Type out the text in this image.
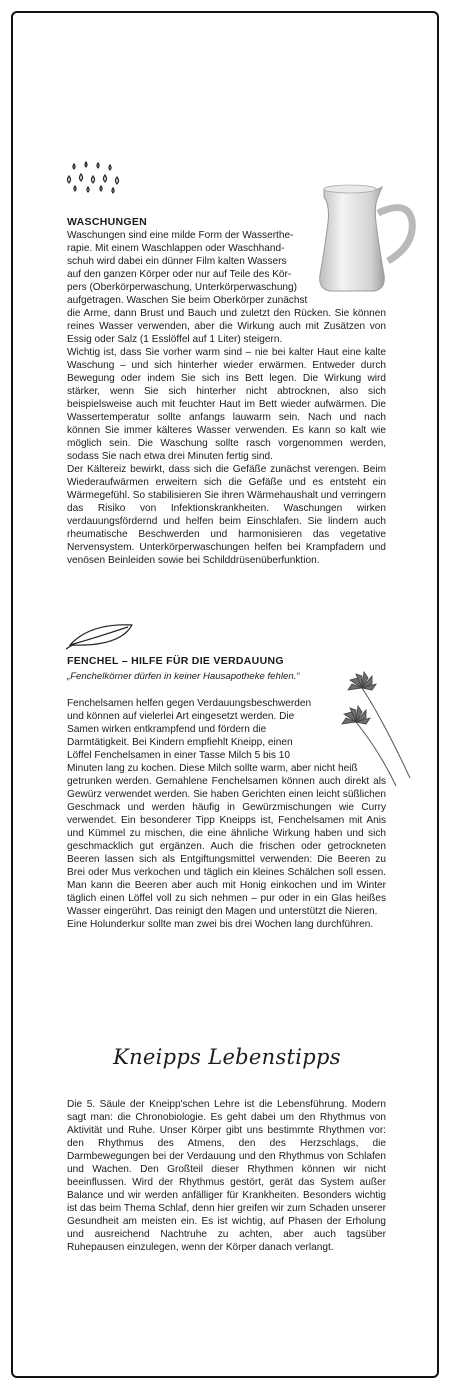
WASCHUNGEN
Waschungen sind eine milde Form der Wasserthe-
rapie. Mit einem Waschlappen oder Waschhand-
schuh wird dabei ein dünner Film kalten Wassers
auf den ganzen Körper oder nur auf Teile des Kör-
pers (Oberkörperwaschung, Unterkörperwaschung)
aufgetragen. Waschen Sie beim Oberkörper zunächst

die Arme, dann Brust und Bauch und zuletzt den Rücken. Sie können reines Wasser verwenden, aber die Wirkung auch mit Zusätzen von Essig oder Salz (1 Esslöffel auf 1 Liter) steigern.

Wichtig ist, dass Sie vorher warm sind – nie bei kalter Haut eine kalte Waschung – und sich hinterher wieder erwärmen. Entweder durch Bewegung oder indem Sie sich ins Bett legen. Die Wirkung wird stärker, wenn Sie sich hinterher nicht abtrocknen, also sich beispielsweise auch mit feuchter Haut im Bett wieder aufwärmen. Die Wassertemperatur sollte anfangs lauwarm sein. Nach und nach können Sie immer kälteres Wasser verwenden. Es kann so kalt wie möglich sein. Die Waschung sollte rasch vorgenommen werden, sodass Sie nach etwa drei Minuten fertig sind.

Der Kältereiz bewirkt, dass sich die Gefäße zunächst verengen. Beim Wiederaufwärmen erweitern sich die Gefäße und es entsteht ein Wärmegefühl. So stabilisieren Sie ihren Wärmehaushalt und verringern das Risiko von Infektionskrankheiten. Waschungen wirken verdauungsfördernd und helfen beim Einschlafen. Sie lindern auch rheumatische Beschwerden und harmonisieren das vegetative Nervensystem. Unterkörperwaschungen helfen bei Krampfadern und venösen Beinleiden sowie bei Schilddrüsenüberfunktion.

FENCHEL – HILFE FÜR DIE VERDAUUNG
„Fenchelkörner dürfen in keiner Hausapotheke fehlen.“
Fenchelsamen helfen gegen Verdauungsbeschwerden
und können auf vielerlei Art eingesetzt werden. Die
Samen wirken entkrampfend und fördern die
Darmtätigkeit. Bei Kindern empfiehlt Kneipp, einen
Löffel Fenchelsamen in einer Tasse Milch 5 bis 10
Minuten lang zu kochen. Diese Milch sollte warm, aber nicht heiß

getrunken werden. Gemahlene Fenchelsamen können auch direkt als Gewürz verwendet werden. Sie haben Gerichten einen leicht süßlichen Geschmack und werden häufig in Gewürzmischungen wie Curry verwendet. Ein besonderer Tipp Kneipps ist, Fenchelsamen mit Anis und Kümmel zu mischen, die eine ähnliche Wirkung haben und sich geschmacklich gut ergänzen. Auch die frischen oder getrockneten Beeren lassen sich als Entgiftungsmittel verwenden: Die Beeren zu Brei oder Mus verkochen und täglich ein kleines Schälchen soll essen. Man kann die Beeren aber auch mit Honig einkochen und im Winter täglich einen Löffel voll zu sich nehmen – pur oder in ein Glas heißes Wasser eingerührt. Das reinigt den Magen und unterstützt die Nieren.

Eine Holunderkur sollte man zwei bis drei Wochen lang durchführen.

Kneipps Lebenstipps

Die 5. Säule der Kneipp'schen Lehre ist die Lebensführung. Modern sagt man: die Chronobiologie. Es geht dabei um den Rhythmus von Aktivität und Ruhe. Unser Körper gibt uns bestimmte Rhythmen vor: den Rhythmus des Atmens, den des Herzschlags, die Darmbewegungen bei der Verdauung und den Rhythmus von Schlafen und Wachen. Den Großteil dieser Rhythmen können wir nicht beeinflussen. Wird der Rhythmus gestört, gerät das System außer Balance und wir werden anfälliger für Krankheiten. Besonders wichtig ist das beim Thema Schlaf, denn hier greifen wir zum Schaden unserer Gesundheit am meisten ein. Es ist wichtig, auf Phasen der Erholung und ausreichend Nachtruhe zu achten, aber auch tagsüber Ruhepausen einzulegen, wenn der Körper danach verlangt.
